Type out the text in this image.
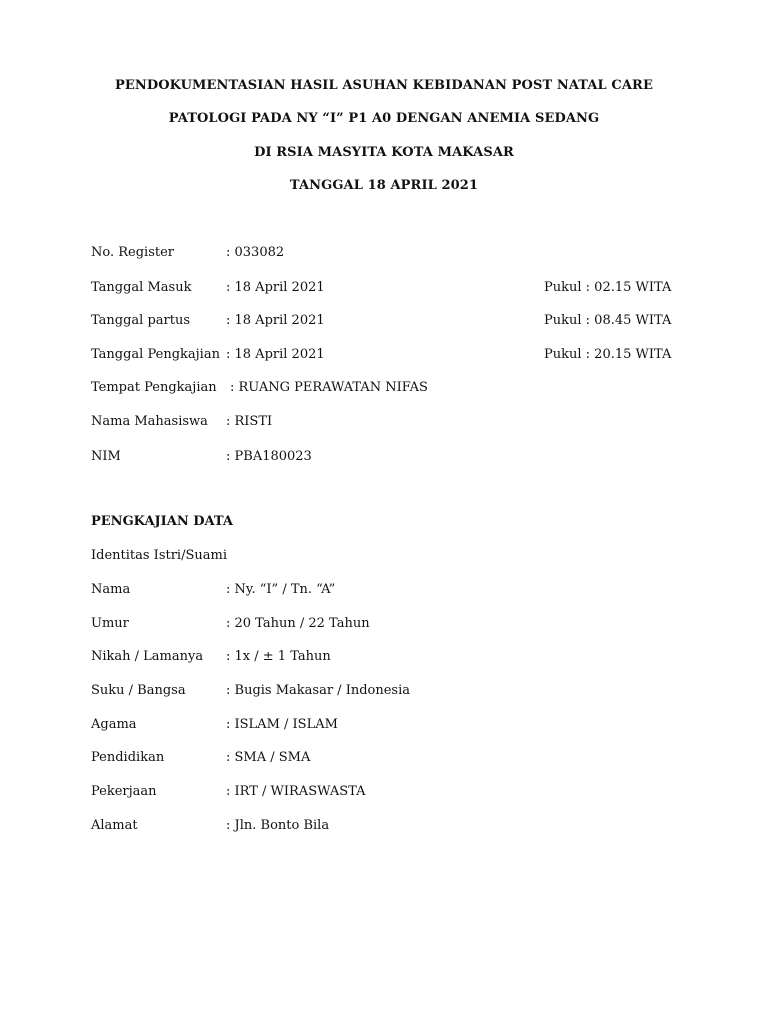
PENDOKUMENTASIAN HASIL ASUHAN KEBIDANAN POST NATAL CARE
PATOLOGI PADA NY “I” P1 A0 DENGAN ANEMIA SEDANG
DI RSIA MASYITA KOTA MAKASAR
TANGGAL 18 APRIL 2021
No. Register	: 033082
Tanggal Masuk	: 18 April 2021	Pukul : 02.15 WITA
Tanggal partus	: 18 April 2021	Pukul : 08.45 WITA
Tanggal Pengkajian : 18 April 2021	Pukul : 20.15 WITA
Tempat Pengkajian : RUANG PERAWATAN NIFAS
Nama Mahasiswa : RISTI
NIM	: PBA180023
PENGKAJIAN DATA
Identitas Istri/Suami
Nama	: Ny. “I” / Tn. “A”
Umur	: 20 Tahun / 22 Tahun
Nikah / Lamanya : 1x / ± 1 Tahun
Suku / Bangsa	: Bugis Makasar / Indonesia
Agama	: ISLAM / ISLAM
Pendidikan	: SMA / SMA
Pekerjaan	: IRT / WIRASWASTA
Alamat	: Jln. Bonto Bila
